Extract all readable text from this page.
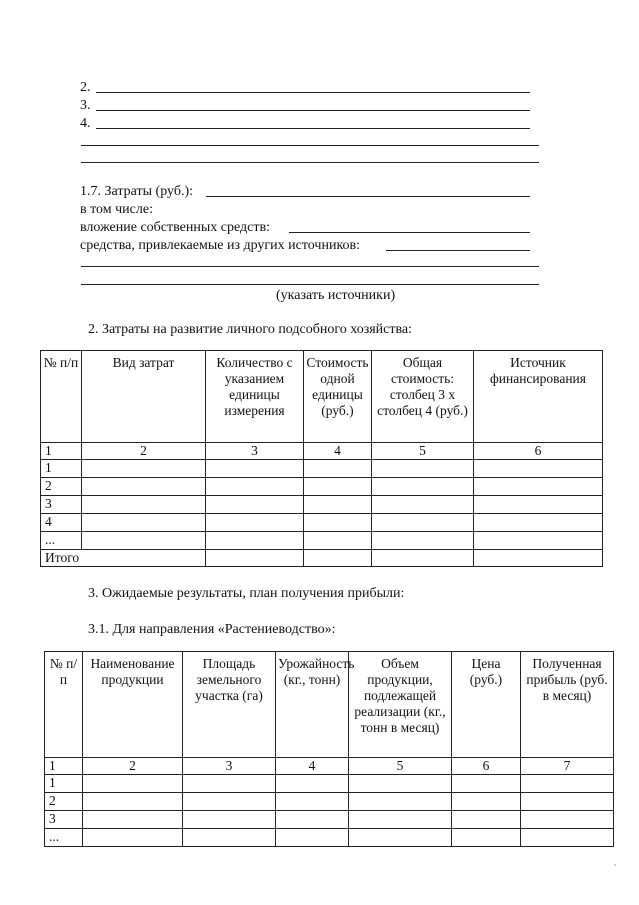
2.
3.
4.
1.7. Затраты (руб.):
в том числе:
вложение собственных средств:
средства, привлекаемые из других источников:
(указать источники)
2. Затраты на развитие личного подсобного хозяйства:
№ п/п	Вид затрат	Количество с указанием единицы измерения	Стоимость одной единицы (руб.)	Общая стоимость: столбец 3 х столбец 4 (руб.)	Источник финансирования
1	2	3	4	5	6
1					
2					
3					
4					
...					
Итого					
3. Ожидаемые результаты, план получения прибыли:
3.1. Для направления «Растениеводство»:
№ п/п	Наименование продукции	Площадь земельного участка (га)	Урожайность (кг., тонн)	Объем продукции, подлежащей реализации (кг., тонн в месяц)	Цена (руб.)	Полученная прибыль (руб. в месяц)
1	2	3	4	5	6	7
1						
2						
3						
...						
